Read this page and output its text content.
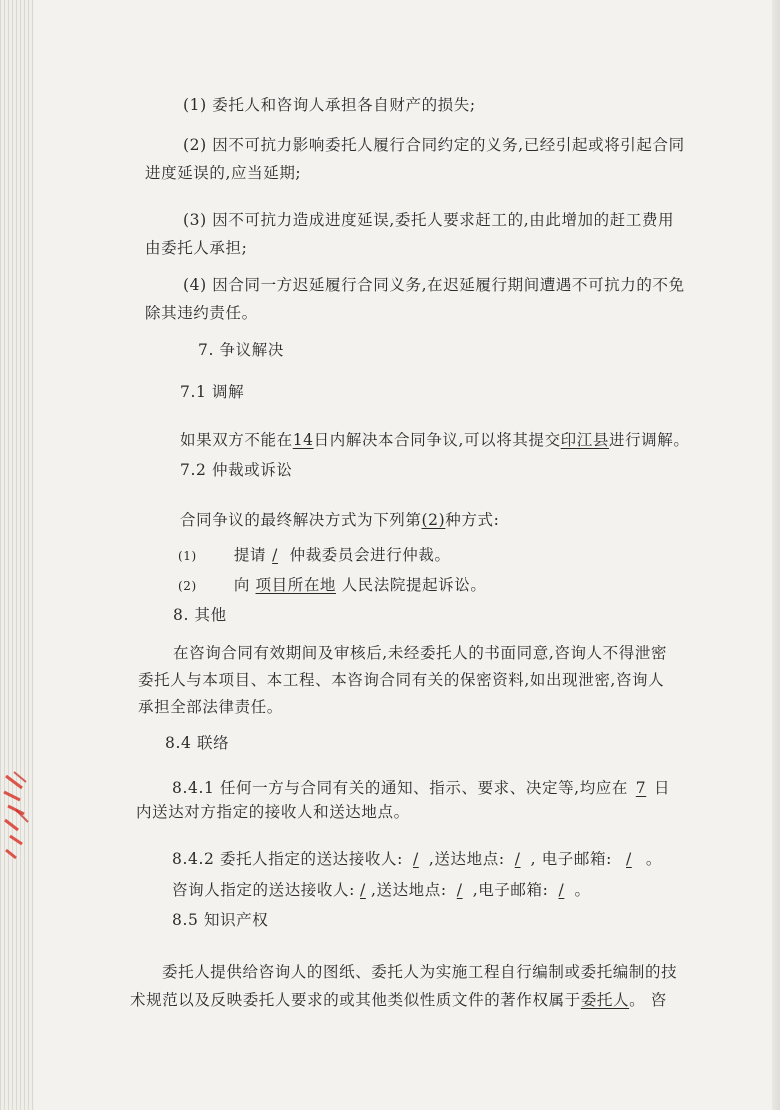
(1) 委托人和咨询人承担各自财产的损失;
(2) 因不可抗力影响委托人履行合同约定的义务,已经引起或将引起合同
进度延误的,应当延期;
(3) 因不可抗力造成进度延误,委托人要求赶工的,由此增加的赶工费用
由委托人承担;
(4) 因合同一方迟延履行合同义务,在迟延履行期间遭遇不可抗力的不免
除其违约责任。
7. 争议解决
7.1 调解
如果双方不能在14日内解决本合同争议,可以将其提交印江县进行调解。
7.2 仲裁或诉讼
合同争议的最终解决方式为下列第(2)种方式:
(1) 提请 / 仲裁委员会进行仲裁。
(2) 向 项目所在地 人民法院提起诉讼。
8. 其他
在咨询合同有效期间及审核后,未经委托人的书面同意,咨询人不得泄密
委托人与本项目、本工程、本咨询合同有关的保密资料,如出现泄密,咨询人
承担全部法律责任。
8.4 联络
8.4.1 任何一方与合同有关的通知、指示、要求、决定等,均应在 7 日
内送达对方指定的接收人和送达地点。
8.4.2 委托人指定的送达接收人: / ,送达地点: / , 电子邮箱: / 。
咨询人指定的送达接收人: / ,送达地点: / ,电子邮箱: / 。
8.5 知识产权
委托人提供给咨询人的图纸、委托人为实施工程自行编制或委托编制的技
术规范以及反映委托人要求的或其他类似性质文件的著作权属于委托人。 咨
